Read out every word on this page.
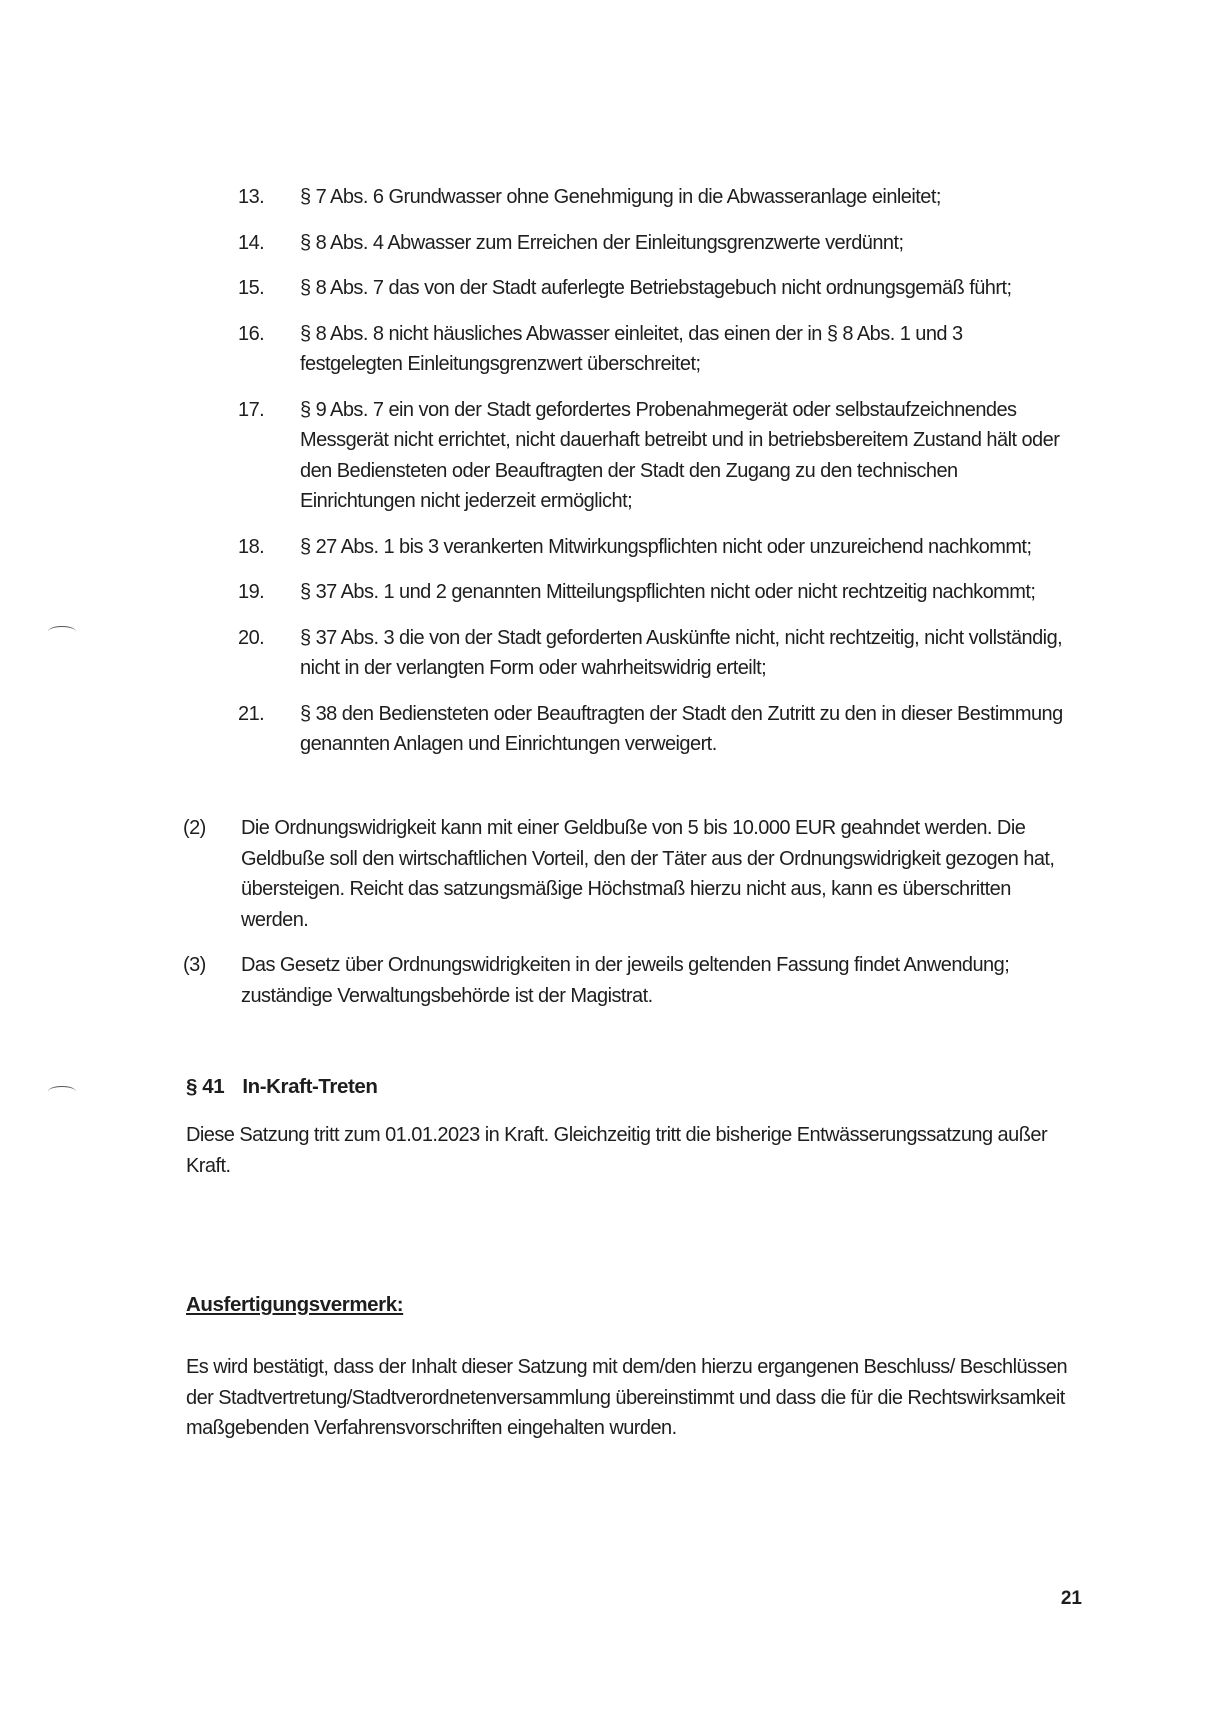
13.	§ 7 Abs. 6 Grundwasser ohne Genehmigung in die Abwasseranlage einleitet;
14.	§ 8 Abs. 4 Abwasser zum Erreichen der Einleitungsgrenzwerte verdünnt;
15.	§ 8 Abs. 7 das von der Stadt auferlegte Betriebstagebuch nicht ordnungsgemäß führt;
16.	§ 8 Abs. 8 nicht häusliches Abwasser einleitet, das einen der in § 8 Abs. 1 und 3 festgelegten Einleitungsgrenzwert überschreitet;
17.	§ 9 Abs. 7 ein von der Stadt gefordertes Probenahmegerät oder selbstaufzeichnendes Messgerät nicht errichtet, nicht dauerhaft betreibt und in betriebsbereitem Zustand hält oder den Bediensteten oder Beauftragten der Stadt den Zugang zu den technischen Einrichtungen nicht jederzeit ermöglicht;
18.	§ 27 Abs. 1 bis 3 verankerten Mitwirkungspflichten nicht oder unzureichend nachkommt;
19.	§ 37 Abs. 1 und 2 genannten Mitteilungspflichten nicht oder nicht rechtzeitig nachkommt;
20.	§ 37 Abs. 3 die von der Stadt geforderten Auskünfte nicht, nicht rechtzeitig, nicht vollständig, nicht in der verlangten Form oder wahrheitswidrig erteilt;
21.	§ 38 den Bediensteten oder Beauftragten der Stadt den Zutritt zu den in dieser Bestimmung genannten Anlagen und Einrichtungen verweigert.
(2)	Die Ordnungswidrigkeit kann mit einer Geldbuße von 5 bis 10.000 EUR geahndet werden. Die Geldbuße soll den wirtschaftlichen Vorteil, den der Täter aus der Ordnungswidrigkeit gezogen hat, übersteigen. Reicht das satzungsmäßige Höchstmaß hierzu nicht aus, kann es überschritten werden.
(3)	Das Gesetz über Ordnungswidrigkeiten in der jeweils geltenden Fassung findet Anwendung; zuständige Verwaltungsbehörde ist der Magistrat.
§ 41 In-Kraft-Treten
Diese Satzung tritt zum 01.01.2023 in Kraft. Gleichzeitig tritt die bisherige Entwässerungssatzung außer Kraft.
Ausfertigungsvermerk:
Es wird bestätigt, dass der Inhalt dieser Satzung mit dem/den hierzu ergangenen Beschluss/ Beschlüssen der Stadtvertretung/Stadtverordnetenversammlung übereinstimmt und dass die für die Rechtswirksamkeit maßgebenden Verfahrensvorschriften eingehalten wurden.
21
